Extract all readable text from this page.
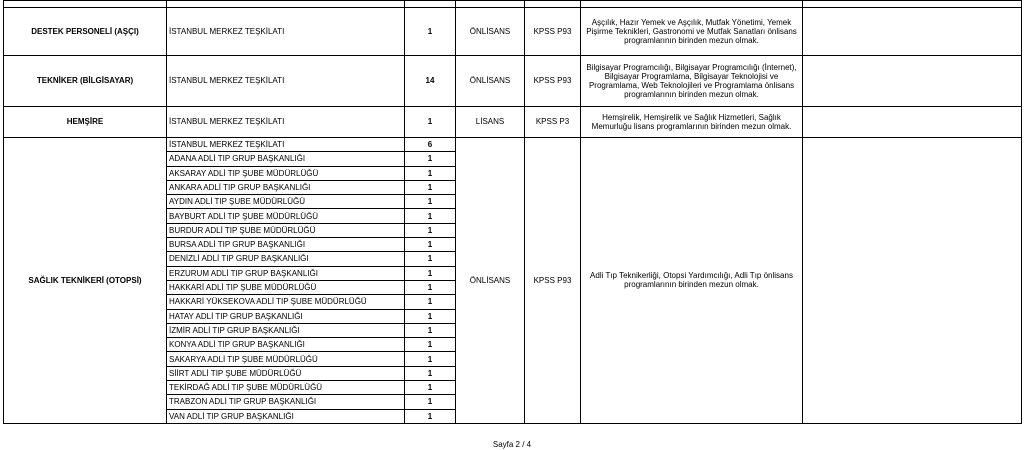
DESTEK PERSONELİ (AŞÇI)	İSTANBUL MERKEZ TEŞKİLATI	1	ÖNLİSANS	KPSS P93	Aşçılık, Hazır Yemek ve Aşçılık, Mutfak Yönetimi, Yemek Pişirme Teknikleri, Gastronomi ve Mutfak Sanatları önlisans programlarının birinden mezun olmak.	
TEKNİKER (BİLGİSAYAR)	İSTANBUL MERKEZ TEŞKİLATI	14	ÖNLİSANS	KPSS P93	Bilgisayar Programcılığı, Bilgisayar Programcılığı (İnternet), Bilgisayar Programlama, Bilgisayar Teknolojisi ve Programlama, Web Teknolojileri ve Programlama önlisans programlarının birinden mezun olmak.	
HEMŞİRE	İSTANBUL MERKEZ TEŞKİLATI	1	LİSANS	KPSS P3	Hemşirelik, Hemşirelik ve Sağlık Hizmetleri, Sağlık Memurluğu lisans programlarının birinden mezun olmak.	
SAĞLIK TEKNİKERİ (OTOPSİ)	İSTANBUL MERKEZ TEŞKİLATI	6	ÖNLİSANS	KPSS P93	Adli Tıp Teknikerliği, Otopsi Yardımcılığı, Adli Tıp önlisans programlarının birinden mezun olmak.	
	ADANA ADLİ TIP GRUP BAŞKANLIĞI	1				
	AKSARAY ADLİ TIP ŞUBE MÜDÜRLÜĞÜ	1				
	ANKARA ADLİ TIP GRUP BAŞKANLIĞI	1				
	AYDIN ADLİ TIP ŞUBE MÜDÜRLÜĞÜ	1				
	BAYBURT ADLİ TIP ŞUBE MÜDÜRLÜĞÜ	1				
	BURDUR ADLİ TIP ŞUBE MÜDÜRLÜĞÜ	1				
	BURSA ADLİ TIP GRUP BAŞKANLIĞI	1				
	DENİZLİ ADLİ TIP GRUP BAŞKANLIĞI	1				
	ERZURUM ADLİ TIP GRUP BAŞKANLIĞI	1				
	HAKKARİ ADLİ TIP ŞUBE MÜDÜRLÜĞÜ	1				
	HAKKARİ YÜKSEKOVA ADLİ TIP ŞUBE MÜDÜRLÜĞÜ	1				
	HATAY ADLİ TIP GRUP BAŞKANLIĞI	1				
	İZMİR ADLİ TIP GRUP BAŞKANLIĞI	1				
	KONYA ADLİ TIP GRUP BAŞKANLIĞI	1				
	SAKARYA ADLİ TIP ŞUBE MÜDÜRLÜĞÜ	1				
	SİİRT ADLİ TIP ŞUBE MÜDÜRLÜĞÜ	1				
	TEKİRDAĞ ADLİ TIP ŞUBE MÜDÜRLÜĞÜ	1				
	TRABZON ADLİ TIP GRUP BAŞKANLIĞI	1				
	VAN ADLİ TIP GRUP BAŞKANLIĞI	1				
Sayfa 2 / 4
